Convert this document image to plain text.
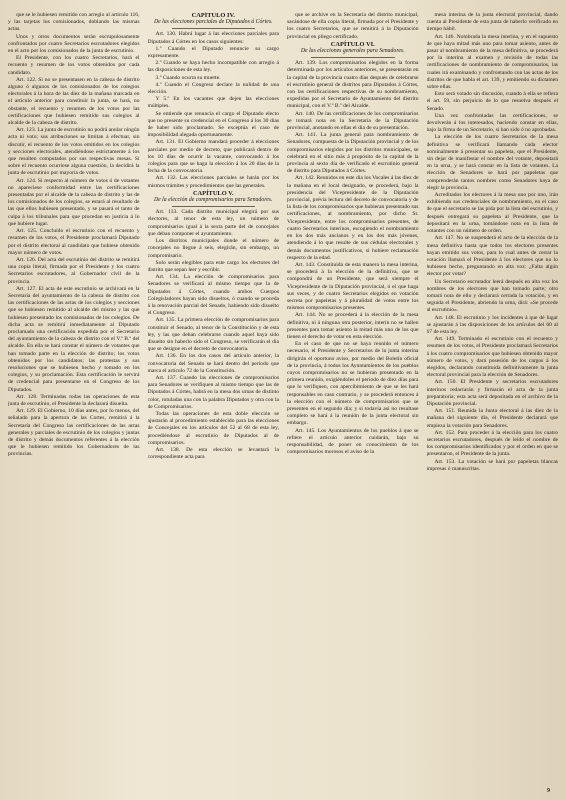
que se le hubiesen remitido con arreglo al artículo 116, y las tarjetas los comisionados, doblando las mismas actas.

Unos y otros documentos serán escrupulosamente confrontados por cuatro Secretarios escrutadores elegidos en el acto por los comisionados de la junta de escrutinio.

El Presidente, con los cuatro Secretarios, hará el recuento y resumen de los votos obtenidos por cada candidato.

Art. 122. Si no se presentasen en la cabeza de distrito alguno ó algunos de los comisionados de los colegios electorales á la hora de las diez de la mañana marcada en el artículo anterior para constituir la junta, se hará, no obstante, el recuento y resumen de los votos por las certificaciones que hubiesen remitido sus colegios al alcalde de la cabeza de distrito.

Art. 123. La junta de escrutinio no podrá anular ningún acta ni voto; sus atribuciones se limitan á efectuar, sin discutir, el recuento de los votos emitidos en los colegios y secciones electorales, atendiéndose estrictamente á los que resulten computados por sus respectivas mesas. Si sobre el recuento ocurriese alguna cuestión, la decidirá la junta de escrutinio por mayoría de votos.

Art. 124. Si respecto al número de votos ó de votantes no apareciese conformidad entre las certificaciones presentadas por el alcalde de la cabeza de distrito y las de los comisionados de los colegios, se estará al resultado de las que ellos hubiesen presentado, y se pasará el tanto de culpa á los tribunales para que procedan en justicia á lo que hubiere lugar.

Art. 125. Concluido el escrutinio con el recuento y resumen de los votos, el Presidente proclamará Diputado por el distrito electoral al candidato que hubiese obtenido mayor número de votos.

Art. 126. Del acta del escrutinio del distrito se remitirá una copia literal, firmada por el Presidente y los cuatro Secretarios escrutadores, al Gobernador civil de la provincia.

Art. 127. El acta de este escrutinio se archivará en la Secretaría del ayuntamiento de la cabeza de distrito con las certificaciones de las actas de los colegios y secciones que se hubiesen remitido al alcalde del mismo y las que hubiesen presentado los comisionados de los colegios. De dicha acta se remitirá inmediatamente al Diputado proclamado una certificación expedida por el Secretario del ayuntamiento de la cabeza de distrito con el V.º B.º del alcalde. En ella se hará constar el número de votantes que han tomado parte en la elección de distrito; los votos obtenidos por los candidatos; las protestas y sus resoluciones que se hubiesen hecho y tomado en los colegios, y su proclamación. Esta certificación le servirá de credencial para presentarse en el Congreso de los Diputados.

Art. 128. Terminadas todas las operaciones de esta junta de escrutinio, el Presidente la declarará disuelta.

Art. 129. El Gobierno, 10 días antes, por lo menos, del señalado para la apertura de las Cortes, remitirá á la Secretaría del Congreso las certificaciones de las actas generales y parciales de escrutinio de los colegios y juntas de distrito y demás documentos referentes á la elección que le hubiesen remitido los Gobernadores de las provincias.

CAPÍTULO IV.

De las elecciones parciales de Diputados á Córtes.

Art. 130. Habrá lugar á las elecciones parciales para Diputados á Córtes en los casos siguientes:

1.º Cuando el Diputado renuncie su cargo expresamente.

2.º Cuando se haya hecho incompatible con arreglo á las disposiciones de esta ley.

3.º Cuando ocurra su muerte.

4.º Cuando el Congreso declare la nulidad de una elección.

Y 5.º En los vacantes que dejen las elecciones múltiples.

Se entiende que renuncia el cargo el Diputado electo que no presente su credencial en el Congreso á los 30 días de haber sido proclamado. Se exceptúa el caso de imposibilidad alegada oportunamente.

Art. 131. El Gobierno mandará proceder á elecciones parciales por medio de decreto, que publicará dentro de los 10 días de ocurrir la vacante, convocando á los colegios para que se haga la elección á los 20 días de la fecha de la convocatoria.

Art. 132. Las elecciones parciales se harán por los mismos trámites y procedimientos que las generales.

CAPÍTULO V.

De la elección de compromisarios para Senadores.

Art. 133. Cada distrito municipal elegirá por sus electores, al tenor de esta ley, un número de compromisarios igual á la sexta parte del de concejales que deban componer el ayuntamiento.

Los distritos municipales donde el número de concejales no llegue á seis, elegirán, sin embargo, un compromisario.

Solo serán elegibles para este cargo los electores del distrito que sepan leer y escribir.

Art. 134. La elección de compromisarios para Senadores se verificará al mismo tiempo que la de Diputados á Córtes, cuando ambos Cuerpos Colegisladores hayan sido disueltos, ó cuando se proceda á la renovación parcial del Senado, habiendo sido disuelto el Congreso.

Art. 135. La primera elección de compromisarios para constituir el Senado, al tenor de la Constitución y de esta ley, y las que deban celebrarse cuando aquel haya sido disuelto sin haberlo sido el Congreso, se verificarán el día que se designe en el decreto de convocatoria.

Art. 136. En los dos casos del artículo anterior, la convocatoria del Senado se hará dentro del periodo que marca el artículo 72 de la Constitución.

Art. 137. Cuando las elecciones de compromisarios para Senadores se verifiquen al mismo tiempo que las de Diputados á Córtes, habrá en la mesa dos urnas de distinto color, rotuladas una con la palabra Diputados y otra con la de Compromisarios.

Todas las operaciones de esta doble elección se ajustarán al procedimiento establecido para las elecciones de Concejales en los artículos del 52 al 68 de esta ley, procediéndose al escrutinio de Diputados al de compromisarios.

Art. 138. De esta elección se levantará la correspondiente acta para

que se archive en la Secretaría del distrito municipal, sacándose de ella copia literal, firmada por el Presidente y los cuatro Secretarios, que se remitirá á la Diputación provincial en pliego certificado.

CAPÍTULO VI.

De las elecciones generales para Senadores.

Art. 139. Los compromisarios elegidos en la forma determinada por los artículos anteriores, se presentarán en la capital de la provincia cuatro días después de celebrarse el escrutinio general de distritos para Diputados á Córtes, con las certificaciones respectivas de su nombramiento, expedidas por el Secretario de Ayuntamiento del distrito municipal, con el V.º B.º del Alcalde.

Art. 140. De las certificaciones de los compromisarios se tomará nota en la Secretaría de la Diputación provincial, anotando en ellas el día de su presentación.

Art. 141. La junta general para nombramiento de Senadores, compuesta de la Diputación provincial y de los compromisarios elegidos por los distritos municipales, se celebrará en el sitio más á propósito de la capital de la provincia al sexto día de verificado el escrutinio general de distrito para Diputados á Córtes.

Art. 142. Reunidos en este día los Vocales á las diez de la mañana en el local designado, se procederá, bajo la presidencia del Vicepresidente de la Diputación provincial, prévia lectura del decreto de convocatoria y de la lista de los compromisarios que hubieran presentado sus certificaciones, al nombramiento, por dicho Sr. Vicepresidente, entre los compromisarios presentes, de cuatro Secretarios interinos, escogiendo el nombramiento en los dos más ancianos y en los dos más jóvenes, atendiendo á lo que resulte de sus cédulas electorales y demás documentos justificativos, si hubiere reclamación respecto de la edad.

Art. 143. Constituida de esta manera la mesa interina, se procederá á la elección de la definitiva, que se compondrá de un Presidente, que será siempre el Vicepresidente de la Diputación provincial, ó el que haga sus veces, y de cuatro Secretarios elegidos en votación secreta por papeletas y á pluralidad de votos entre los mismos compromisarios presentes.

Art. 144. No se procederá á la elección de la mesa definitiva, ni á ninguna otra posterior, interin no se hallen presentes para tomar asiento la mitad más uno de los que tienen el derecho de votar en esta elección.

En el caso de que no se haya reunido el número necesario, el Presidente y Secretarios de la junta interina dirigirán el oportuno aviso, por medio del Boletín oficial de la provincia, á todos los Ayuntamientos de los pueblos cuyos compromisarios no se hubieran presentado en la primera reunión, exigiéndoles el período de diez días para que lo verifiquen, con apercibimiento de que se les hará responsables en caso contrario, y se procederá entonces á la elección con el número de compromisarios que se presenten en el segundo día; y si todavía así no resultase completo se hará á la reunión de la junta electoral sin embargo.

Art. 145. Los Ayuntamientos de los pueblos á que se refiere el artículo anterior cuidarán, bajo su responsabilidad, de poner en conocimiento de los compromisarios morosos el aviso de la

mesa interina de la junta electoral provincial, dando cuenta al Presidente de esta junta de haberlo verificado en tiempo hábil.

Art. 146. Nombrada la mesa interina, y en el supuesto de que haya mitad más uno para tomar asiento, antes de pasar al nombramiento de la mesa definitiva, se procederá por la interina al examen y revisión de todas las certificaciones de nombramiento de compromisarios, las cuales irá examinando y confrontando con las actas de los distritos de que habla el art. 139, y emitiendo su dictamen sobre ellas.

Esto será votado sin discusión, cuando á ella se refiera el art. 59, sin perjuicio de lo que resuelva después el Senado.

Una vez confrontadas las certificaciones, se devolverán á los interesados, haciendo constar en ellas, bajo la firma de un Secretario, si han sido ó no aprobadas.

La elección de los cuatro Secretarios de la mesa definitiva se verificará llamando cada elector nominalmente á presentar su papeleta, que el Presidente, sin dejar de manifestar el nombre del votante, depositará en la urna, y se hará constar en la lista de votantes. La elección de Senadores se hará por papeletas que comprenderán tantos nombres como Senadores haya de elegir la provincia.

Acreditados los electores á la mesa uno por uno, irán exhibiendo sus credenciales de nombramiento, en el caso de que el secretario se las pida por la lista del escrutinio, y después entregará su papeleta al Presidente, que la depositará en la urna, tomándose nota en la lista de votantes con un número de orden.

Art. 147. No se suspenderá el acto de la elección de la mesa definitiva hasta que todos los electores presentes hayan emitido sus votos, para lo cual antes de cerrar la votación llamará el Presidente á los electores que no lo hubiesen hecho, preguntando en alta voz: ¿Falta algún elector por votar?

Un Secretario escrutador leerá después en alta voz los nombres de los electores que han tomado parte; otro tomará nota de ello y declarará cerrada la votación, y en seguida el Presidente, abriendo la urna, dirá: «Se procede al escrutinio».

Art. 148. El escrutinio y los incidentes á que dé lugar se ajustarán á las disposiciones de los artículos del 60 al 67 de esta ley.

Art. 149. Terminado el escrutinio con el recuento y resumen de los votos, el Presidente proclamará Secretarios á los cuatro compromisarios que hubiesen obtenido mayor número de votos, y dará posesión de los cargos á los elegidos, declarando constituida definitivamente la junta electoral provincial para la elección de Senadores.

Art. 150. El Presidente y secretarios escrutadores interinos redactarán y firmarán el acta de la junta preparatoria; esta acta será depositada en el archivo de la Diputación provincial.

Art. 151. Reunida la Junta electoral á las diez de la mañana del siguiente día, el Presidente declarará que empieza la votación para Senadores.

Art. 152. Para proceder á la elección para los cuatro secretarios escrutadores, después de leído el nombre de los compromisarios identificados y por el orden en que se presentaron, el Presidente de la junta.

Art. 153. La votación se hará por papeletas blancas impresas ó manuscritas.

9
